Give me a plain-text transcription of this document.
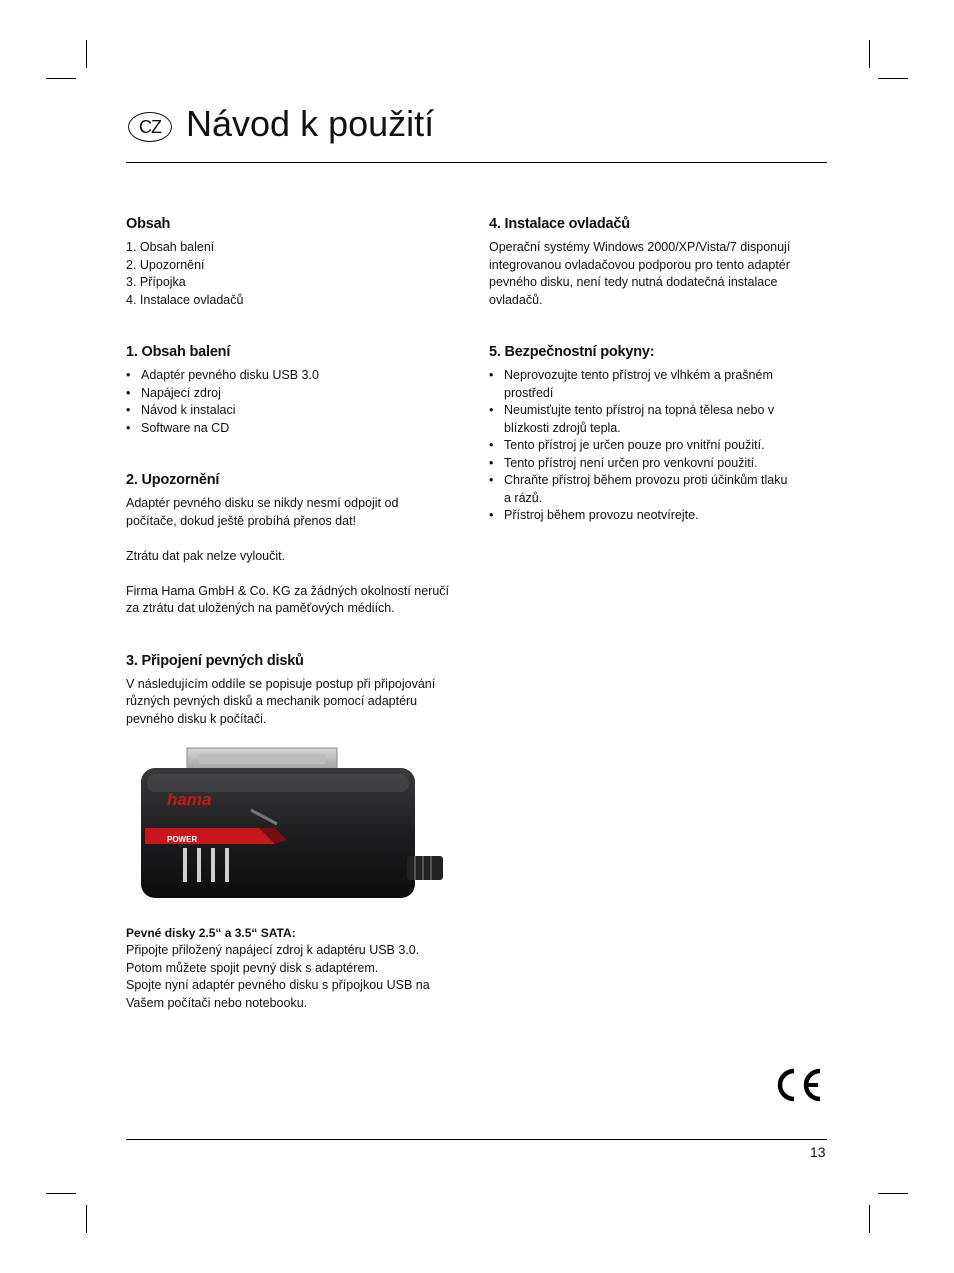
CZ Návod k použití
Obsah
1. Obsah balení
2. Upozornění
3. Přípojka
4. Instalace ovladačů
1. Obsah balení
• Adaptér pevného disku USB 3.0
• Napájecí zdroj
• Návod k instalaci
• Software na CD
2. Upozornění

Adaptér pevného disku se nikdy nesmí odpojit od

počítače, dokud ještě probíhá přenos dat!

Ztrátu dat pak nelze vyloučit.

Firma Hama GmbH & Co. KG za žádných okolností neručí

za ztrátu dat uložených na paměťových médiích.

3. Připojení pevných disků

V následujícím oddíle se popisuje postup při připojování

různých pevných disků a mechanik pomocí adaptéru

pevného disku k počítači.

hama
POWER
Pevné disky 2.5“ a 3.5“ SATA:

Připojte přiložený napájecí zdroj k adaptéru USB 3.0.

Potom můžete spojit pevný disk s adaptérem.

Spojte nyní adaptér pevného disku s přípojkou USB na

Vašem počítači nebo notebooku.

4. Instalace ovladačů

Operační systémy Windows 2000/XP/Vista/7 disponují

integrovanou ovladačovou podporou pro tento adaptér

pevného disku, není tedy nutná dodatečná instalace

ovladačů.

5. Bezpečnostní pokyny:
• Neprovozujte tento přístroj ve vlhkém a prašném
prostředí
• Neumisťujte tento přístroj na topná tělesa nebo v
blízkosti zdrojů tepla.
• Tento přístroj je určen pouze pro vnitřní použití.
• Tento přístroj není určen pro venkovní použití.
• Chraňte přístroj během provozu proti účinkům tlaku
a rázů.
• Přístroj během provozu neotvírejte.
13
